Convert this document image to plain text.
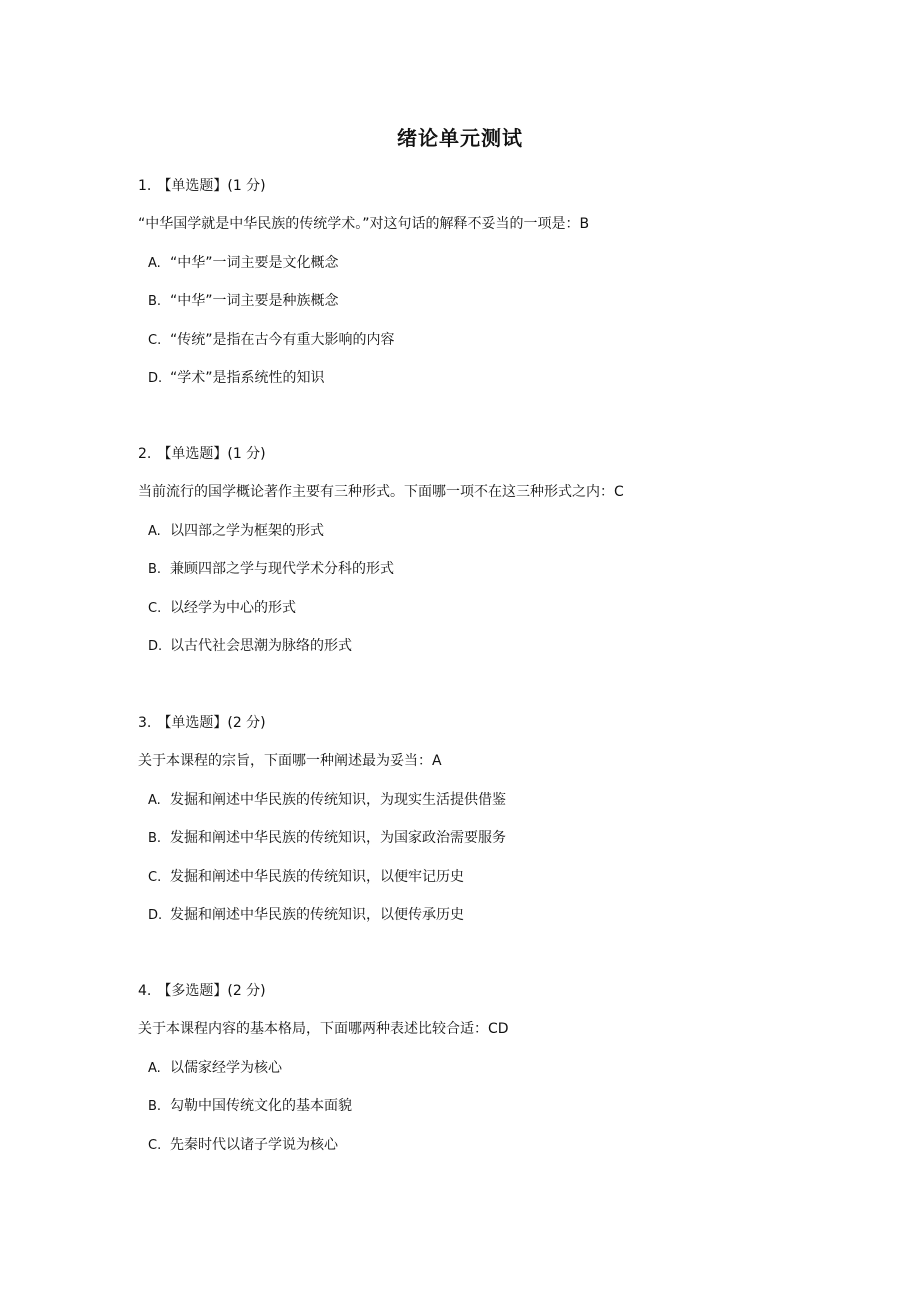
绪论单元测试
1. 【单选题】(1 分)
“中华国学就是中华民族的传统学术。”对这句话的解释不妥当的一项是：B
A. “中华”一词主要是文化概念
B. “中华”一词主要是种族概念
C. “传统”是指在古今有重大影响的内容
D. “学术”是指系统性的知识
2. 【单选题】(1 分)
当前流行的国学概论著作主要有三种形式。下面哪一项不在这三种形式之内：C
A. 以四部之学为框架的形式
B. 兼顾四部之学与现代学术分科的形式
C. 以经学为中心的形式
D. 以古代社会思潮为脉络的形式
3. 【单选题】(2 分)
关于本课程的宗旨，下面哪一种阐述最为妥当：A
A. 发掘和阐述中华民族的传统知识，为现实生活提供借鉴
B. 发掘和阐述中华民族的传统知识，为国家政治需要服务
C. 发掘和阐述中华民族的传统知识，以便牢记历史
D. 发掘和阐述中华民族的传统知识，以便传承历史
4. 【多选题】(2 分)
关于本课程内容的基本格局，下面哪两种表述比较合适：CD
A. 以儒家经学为核心
B. 勾勒中国传统文化的基本面貌
C. 先秦时代以诸子学说为核心
